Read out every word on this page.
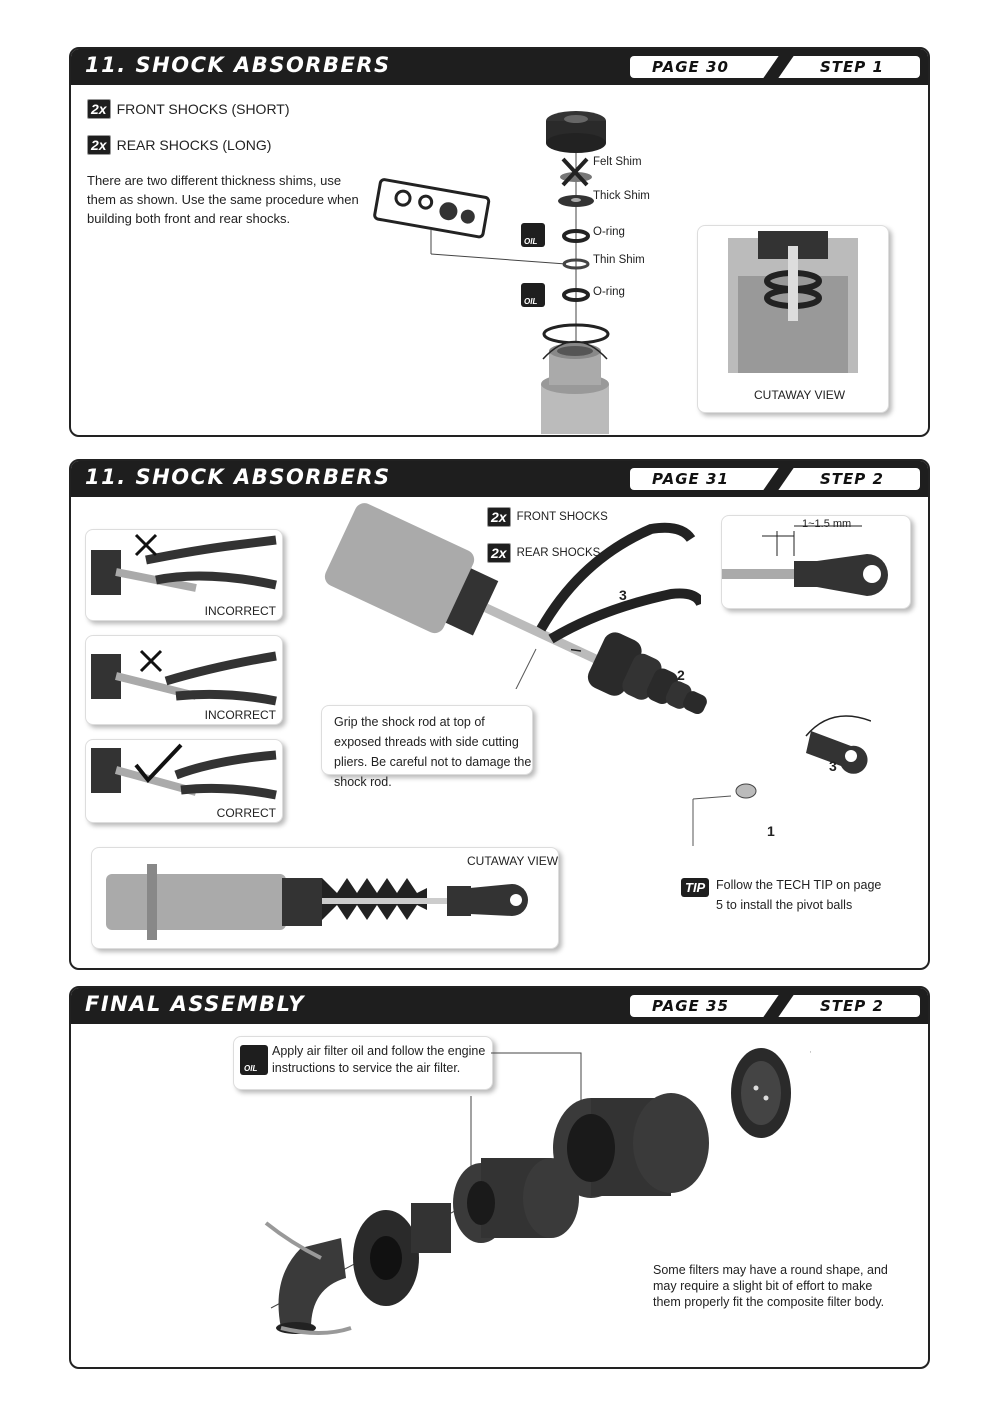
11. SHOCK ABSORBERS	PAGE 30	STEP 1
2x FRONT SHOCKS (SHORT)
2x REAR SHOCKS (LONG)
There are two different thickness shims, use them as shown. Use the same procedure when building both front and rear shocks.
Felt Shim
Thick Shim
O-ring
Thin Shim
O-ring
OIL
OIL
CUTAWAY VIEW
11. SHOCK ABSORBERS	PAGE 31	STEP 2
INCORRECT
INCORRECT
CORRECT
3
2x FRONT SHOCKS
2x REAR SHOCKS
1~1.5 mm
2
3
1
Grip the shock rod at top of exposed threads with side cutting pliers. Be careful not to damage the shock rod.
CUTAWAY VIEW
TIP Follow the TECH TIP on page 5 to install the pivot balls
FINAL ASSEMBLY	PAGE 35	STEP 2
OIL
Apply air filter oil and follow the engine instructions to service the air filter.
Some filters may have a round shape, and may require a slight bit of effort to make them properly fit the composite filter body.
